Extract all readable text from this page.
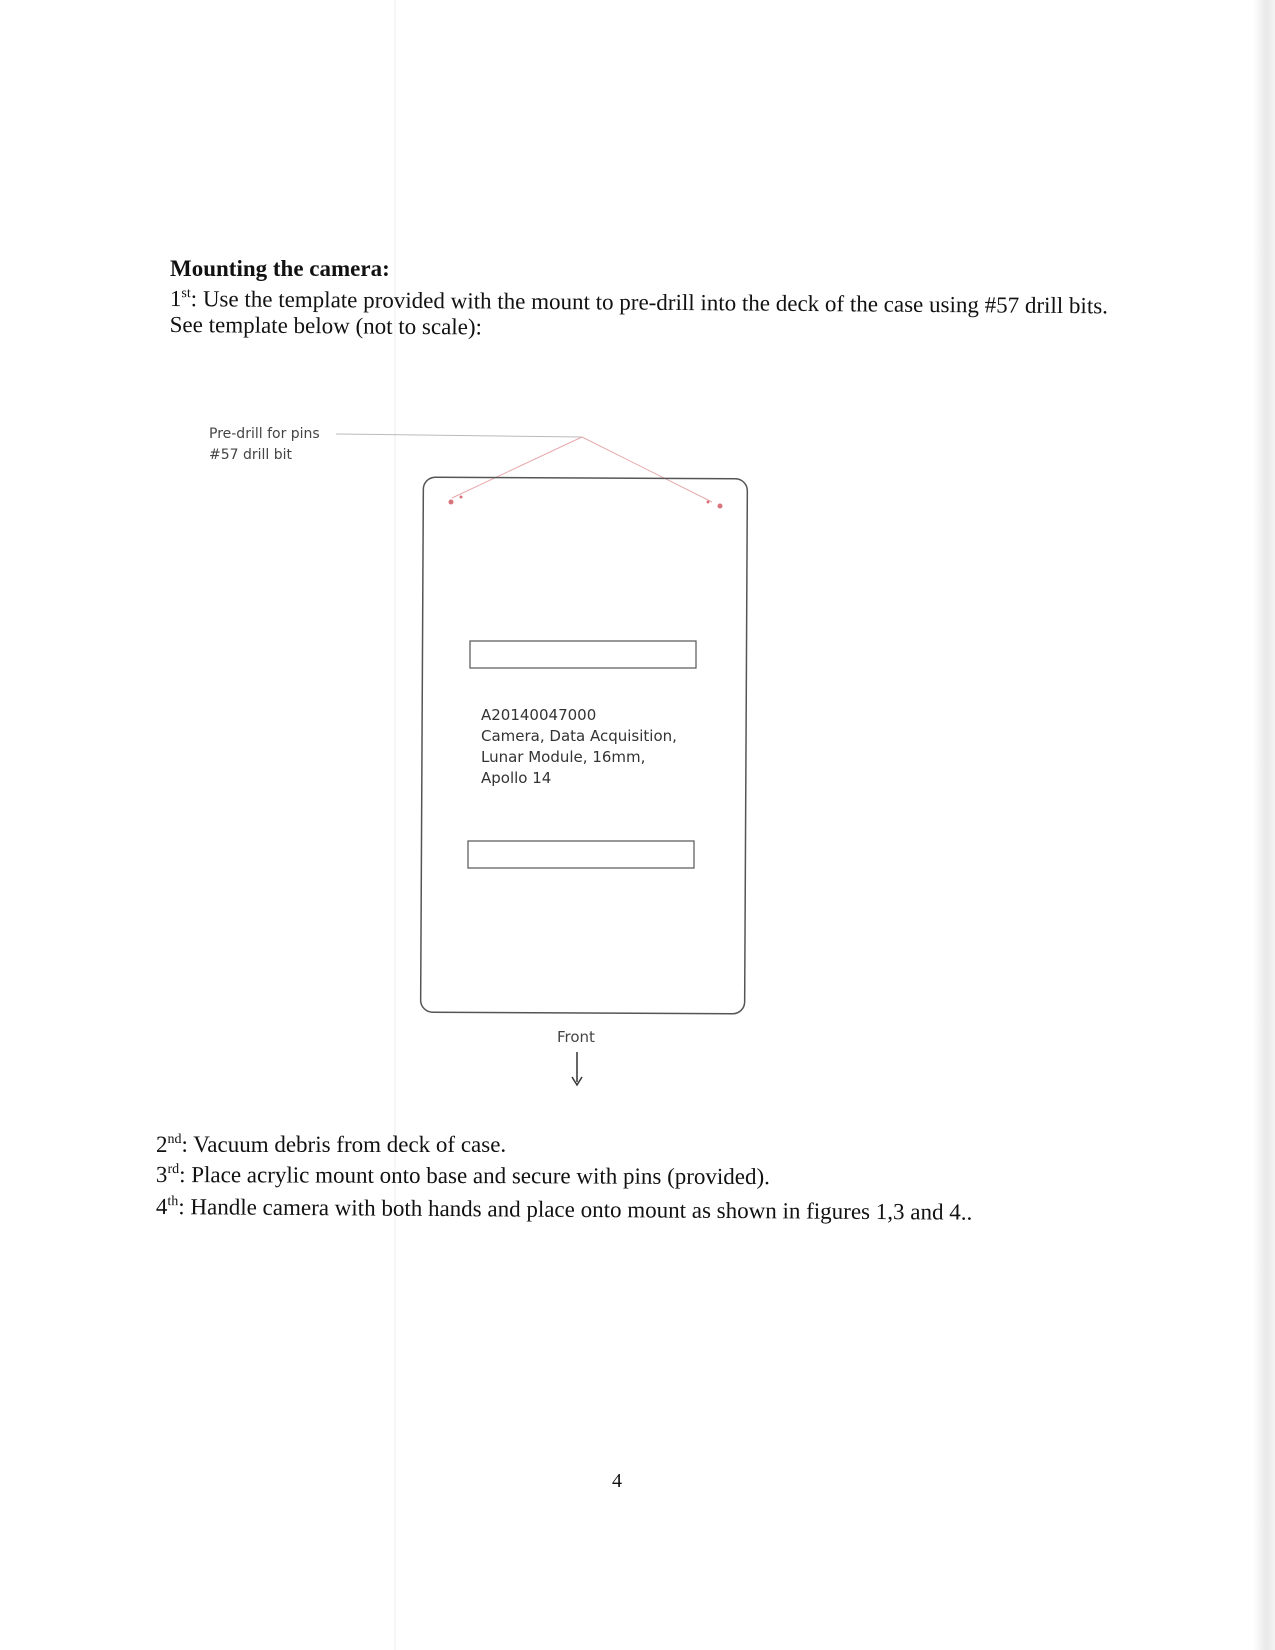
Mounting the camera:
1st: Use the template provided with the mount to pre-drill into the deck of the case using #57 drill bits. See template below (not to scale):
Pre-drill for pins
#57 drill bit
A20140047000
Camera, Data Acquisition,
Lunar Module, 16mm,
Apollo 14
Front
2nd: Vacuum debris from deck of case.
3rd: Place acrylic mount onto base and secure with pins (provided).
4th: Handle camera with both hands and place onto mount as shown in figures 1,3 and 4..
4
